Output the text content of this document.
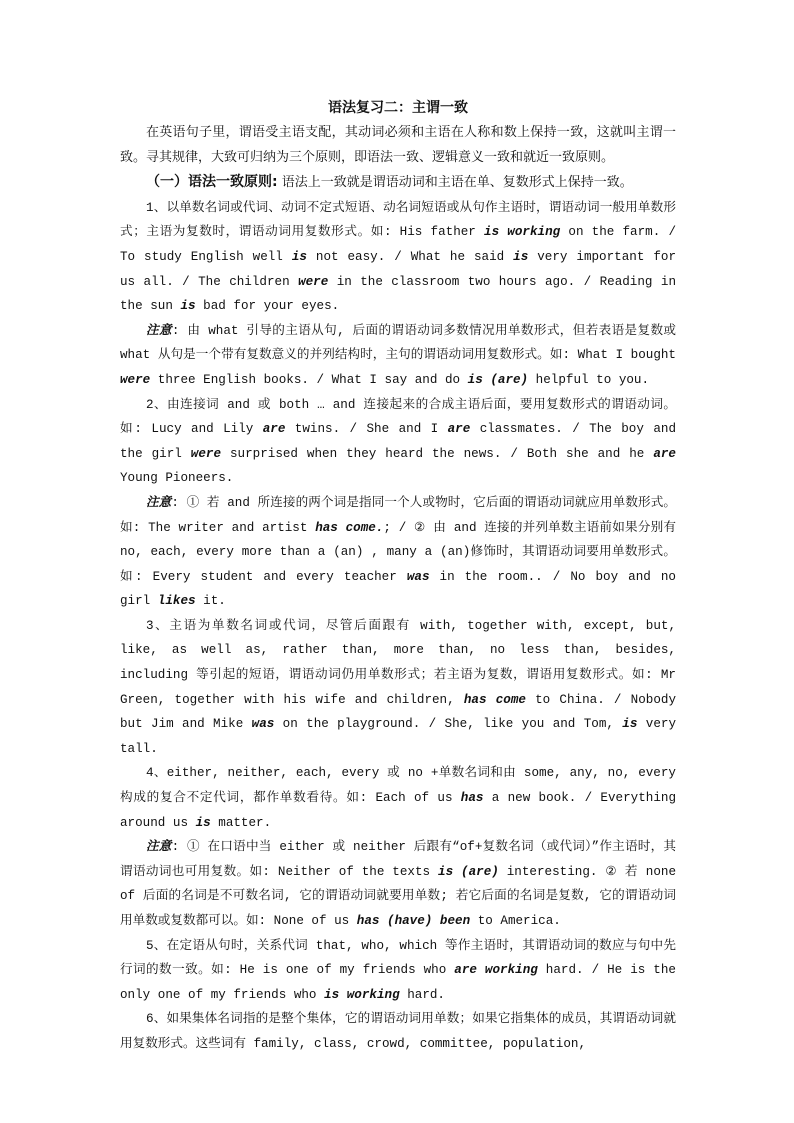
语法复习二：主谓一致

在英语句子里，谓语受主语支配，其动词必须和主语在人称和数上保持一致，这就叫主谓一致。寻其规律，大致可归纳为三个原则，即语法一致、逻辑意义一致和就近一致原则。

（一）语法一致原则: 语法上一致就是谓语动词和主语在单、复数形式上保持一致。

1、以单数名词或代词、动词不定式短语、动名词短语或从句作主语时，谓语动词一般用单数形式；主语为复数时，谓语动词用复数形式。如: His father is working on the farm. / To study English well is not easy. / What he said is very important for us all. / The children were in the classroom two hours ago. / Reading in the sun is bad for your eyes.

注意: 由 what 引导的主语从句, 后面的谓语动词多数情况用单数形式，但若表语是复数或 what 从句是一个带有复数意义的并列结构时，主句的谓语动词用复数形式。如: What I bought were three English books. / What I say and do is (are) helpful to you.

2、由连接词 and 或 both … and 连接起来的合成主语后面，要用复数形式的谓语动词。如: Lucy and Lily are twins. / She and I are classmates. / The boy and the girl were surprised when they heard the news. / Both she and he are Young Pioneers.

注意: ① 若 and 所连接的两个词是指同一个人或物时，它后面的谓语动词就应用单数形式。如: The writer and artist has come.; / ② 由 and 连接的并列单数主语前如果分别有 no, each, every more than a (an) , many a (an)修饰时，其谓语动词要用单数形式。如: Every student and every teacher was in the room.. / No boy and no girl likes it.

3、主语为单数名词或代词，尽管后面跟有 with, together with, except, but, like, as well as, rather than, more than, no less than, besides, including 等引起的短语，谓语动词仍用单数形式；若主语为复数，谓语用复数形式。如: Mr Green, together with his wife and children, has come to China. / Nobody but Jim and Mike was on the playground. / She, like you and Tom, is very tall.

4、either, neither, each, every 或 no +单数名词和由 some, any, no, every 构成的复合不定代词，都作单数看待。如: Each of us has a new book. / Everything around us is matter.

注意: ① 在口语中当 either 或 neither 后跟有“of+复数名词（或代词）”作主语时，其谓语动词也可用复数。如: Neither of the texts is (are) interesting. ② 若 none of 后面的名词是不可数名词, 它的谓语动词就要用单数; 若它后面的名词是复数, 它的谓语动词用单数或复数都可以。如: None of us has (have) been to America.

5、在定语从句时，关系代词 that, who, which 等作主语时，其谓语动词的数应与句中先行词的数一致。如: He is one of my friends who are working hard. / He is the only one of my friends who is working hard.

6、如果集体名词指的是整个集体，它的谓语动词用单数；如果它指集体的成员，其谓语动词就用复数形式。这些词有 family, class, crowd, committee, population,
